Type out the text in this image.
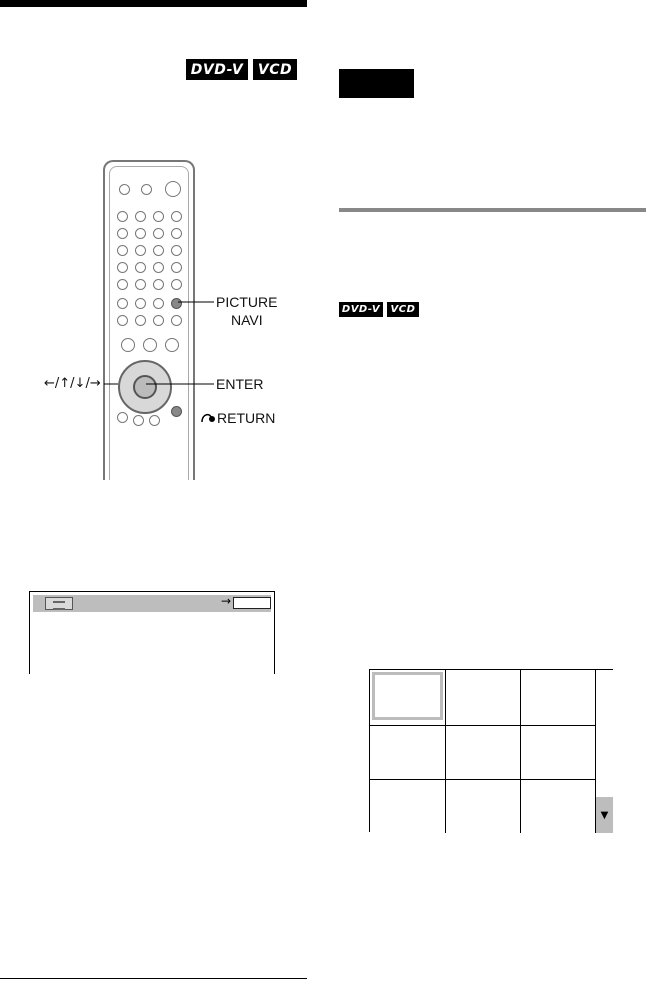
DVD-V	VCD
DVD-V	VCD
PICTURE
NAVI
←/↑/↓/→	ENTER
RETURN
→
▼
